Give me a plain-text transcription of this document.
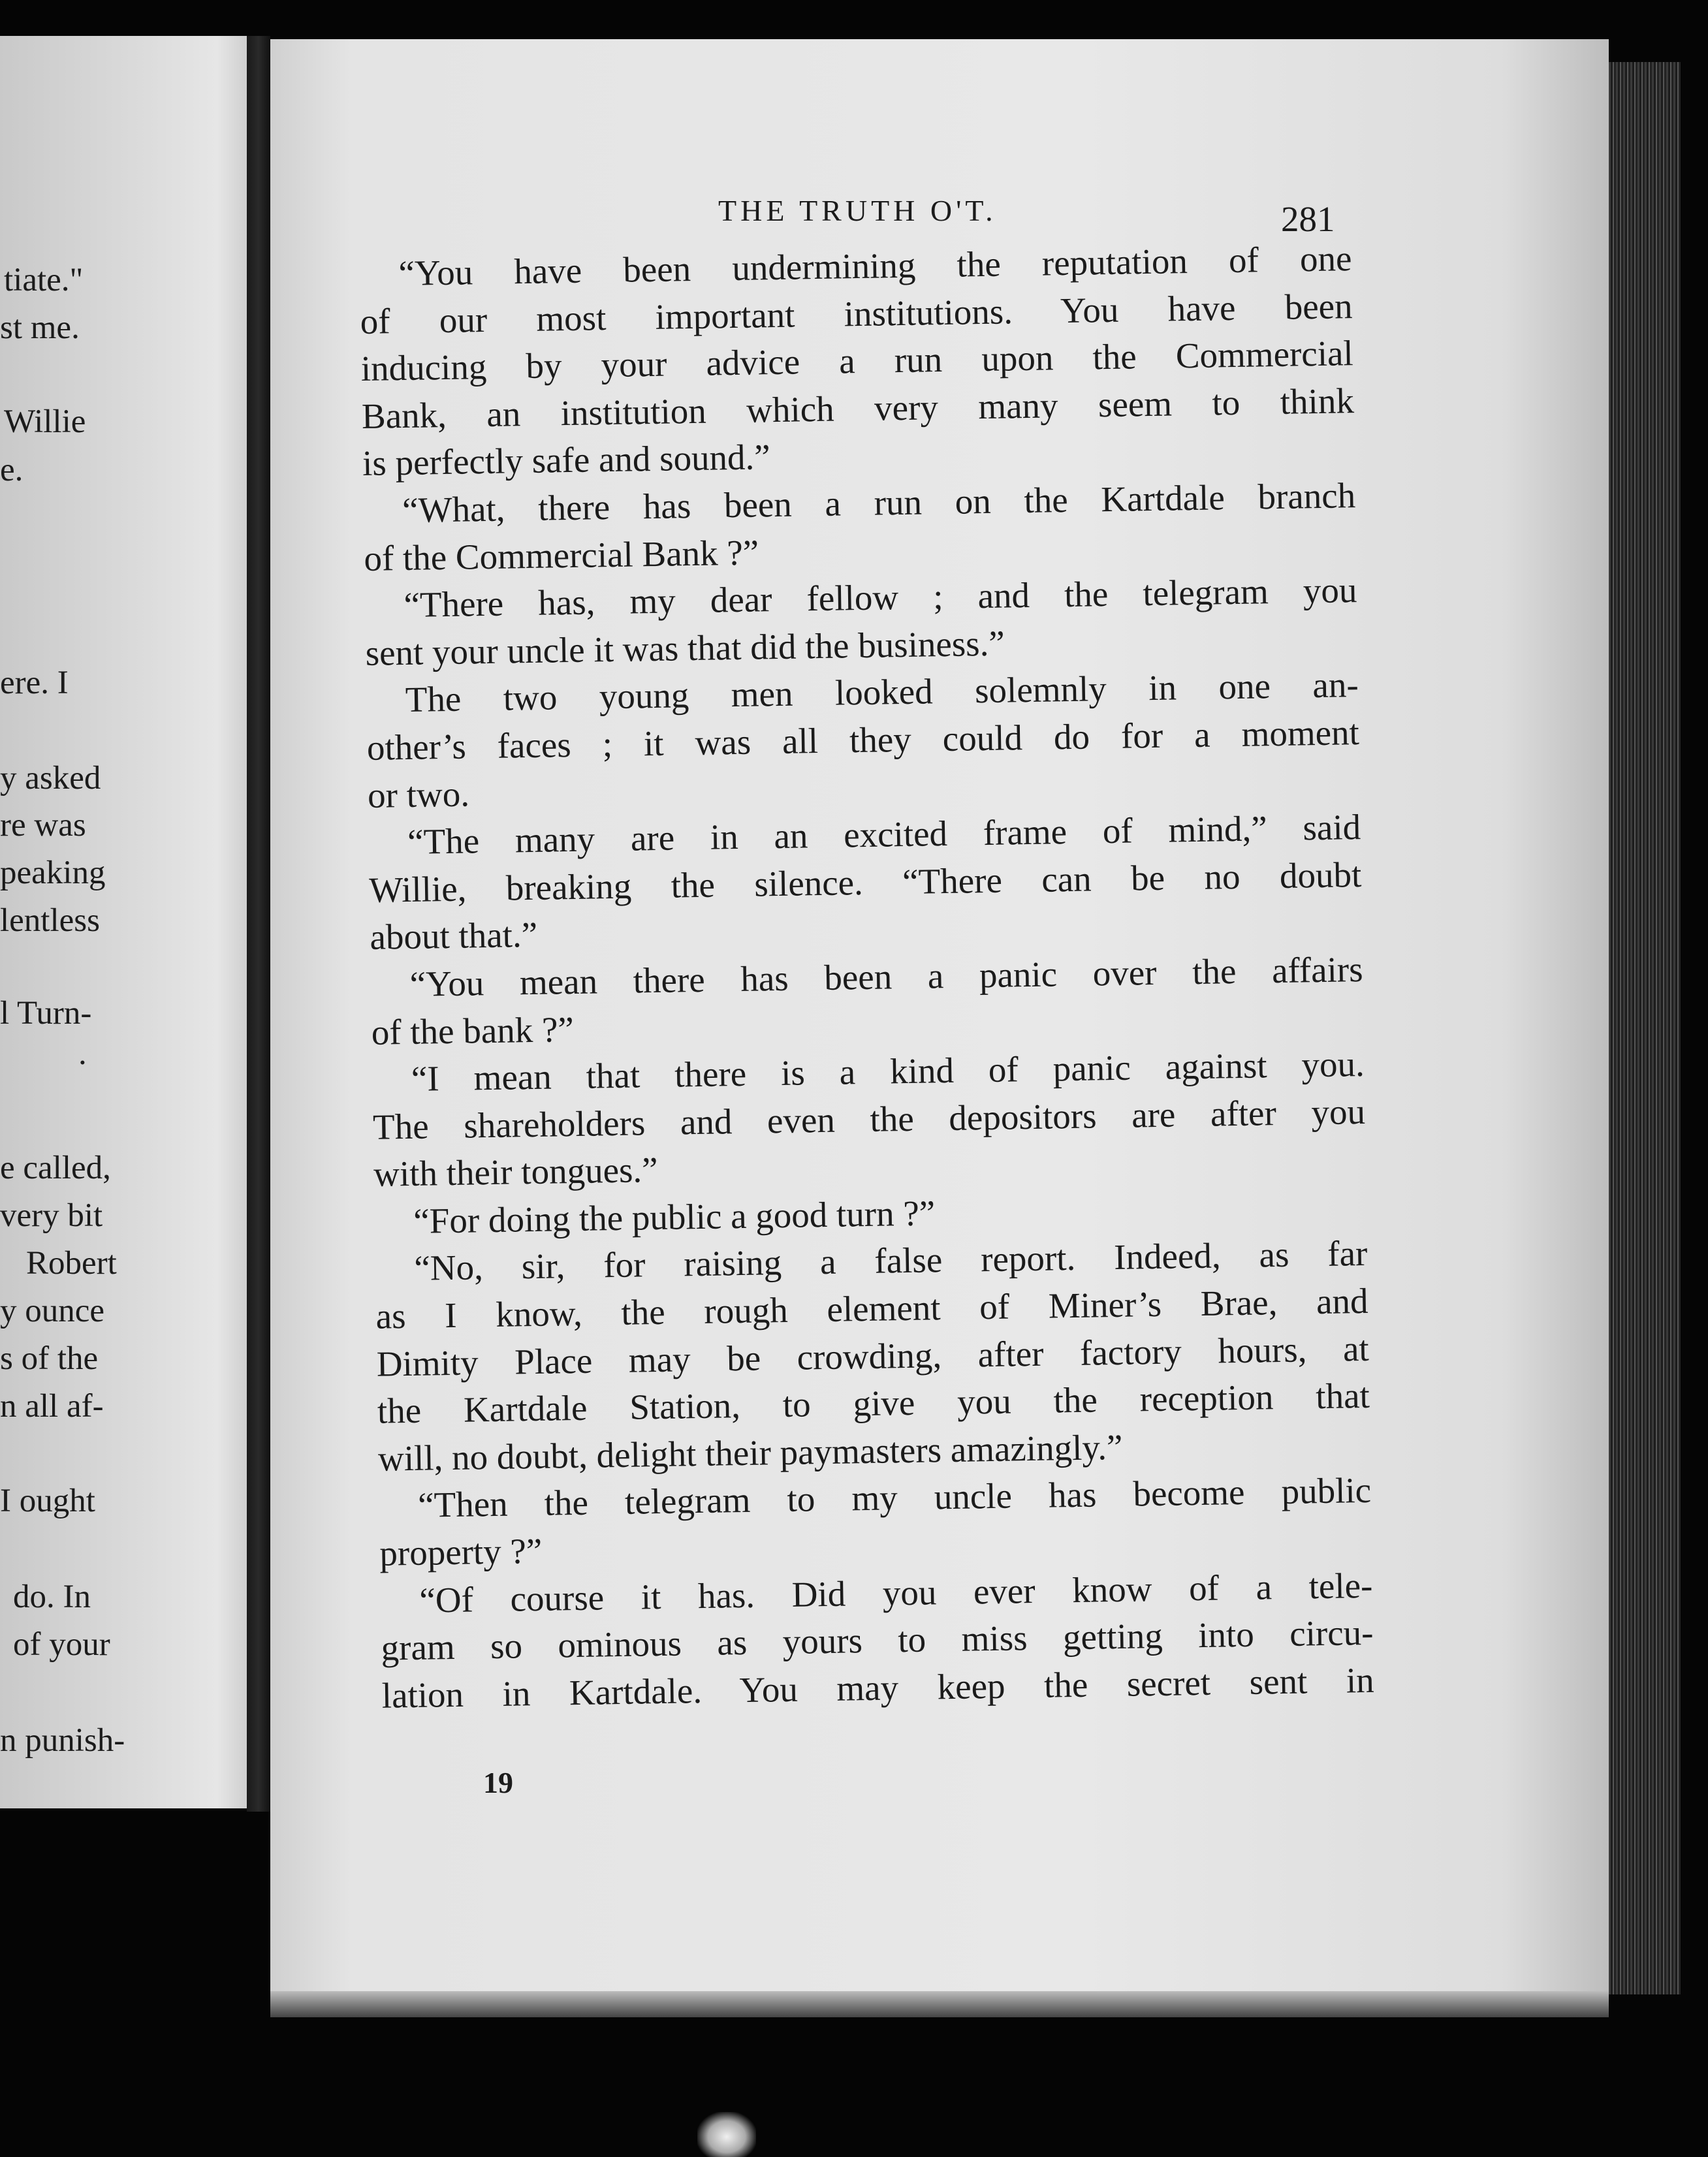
tiate."
st me.
Willie
e.
ere. I
y asked
re was
peaking
lentless
l Turn-
.
e called,
very bit
Robert
y ounce
s of the
n all af-
I ought
do. In
of your
n punish-
THE TRUTH O'T.	281
“You have been undermining the reputation of one
of our most important institutions. You have been
inducing by your advice a run upon the Commercial
Bank, an institution which very many seem to think
is perfectly safe and sound.”
“What, there has been a run on the Kartdale branch
of the Commercial Bank ?”
“There has, my dear fellow ; and the telegram you
sent your uncle it was that did the business.”
The two young men looked solemnly in one an-
other’s faces ; it was all they could do for a moment
or two.
“The many are in an excited frame of mind,” said
Willie, breaking the silence. “There can be no doubt
about that.”
“You mean there has been a panic over the affairs
of the bank ?”
“I mean that there is a kind of panic against you.
The shareholders and even the depositors are after you
with their tongues.”
“For doing the public a good turn ?”
“No, sir, for raising a false report. Indeed, as far
as I know, the rough element of Miner’s Brae, and
Dimity Place may be crowding, after factory hours, at
the Kartdale Station, to give you the reception that
will, no doubt, delight their paymasters amazingly.”
“Then the telegram to my uncle has become public
property ?”
“Of course it has. Did you ever know of a tele-
gram so ominous as yours to miss getting into circu-
lation in Kartdale. You may keep the secret sent in
19
